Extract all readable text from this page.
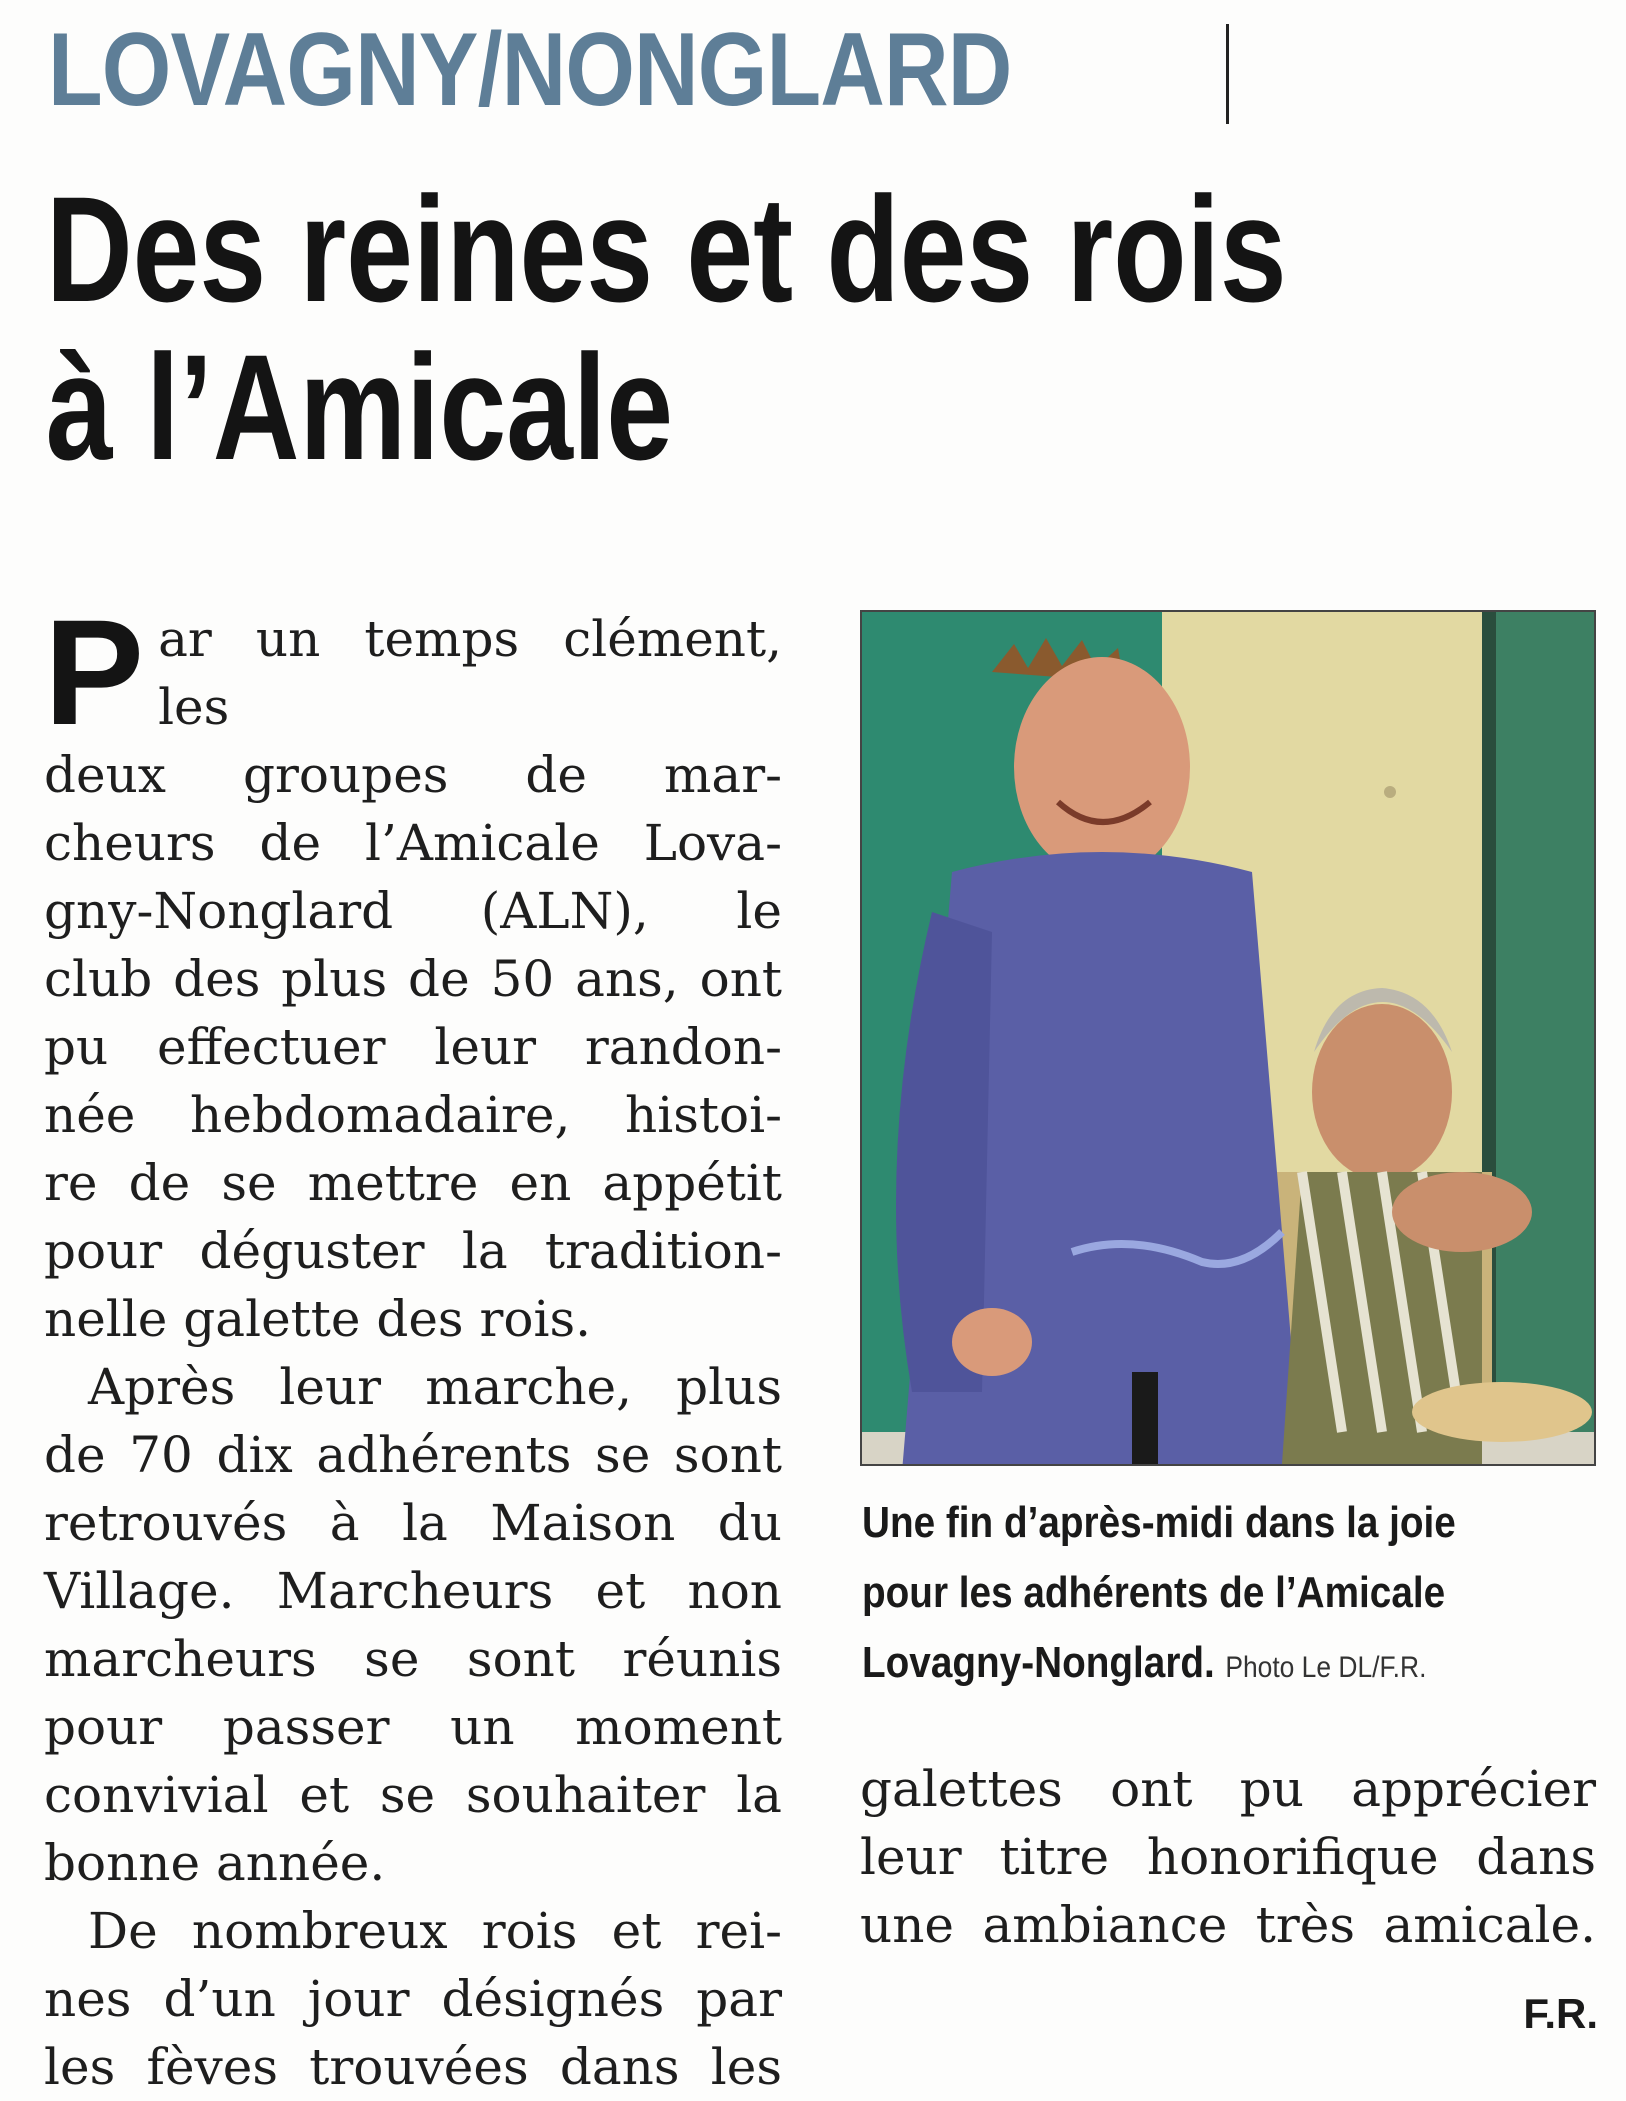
LOVAGNY/NONGLARD
Des reines et des rois
à l’Amicale
P ar un temps clément, les

deux groupes de mar-

cheurs de l’Amicale Lova-

gny-Nonglard (ALN), le

club des plus de 50 ans, ont

pu effectuer leur randon-

née hebdomadaire, histoi-

re de se mettre en appétit

pour déguster la tradition-

nelle galette des rois.

Après leur marche, plus

de 70 dix adhérents se sont

retrouvés à la Maison du

Village. Marcheurs et non

marcheurs se sont réunis

pour passer un moment

convivial et se souhaiter la

bonne année.

De nombreux rois et rei-

nes d’un jour désignés par

les fèves trouvées dans les

Une fin d’après-midi dans la joie
pour les adhérents de l’Amicale
Lovagny-Nonglard. Photo Le DL/F.R.
galettes ont pu apprécier
leur titre honorifique dans
une ambiance très amicale.
F.R.
